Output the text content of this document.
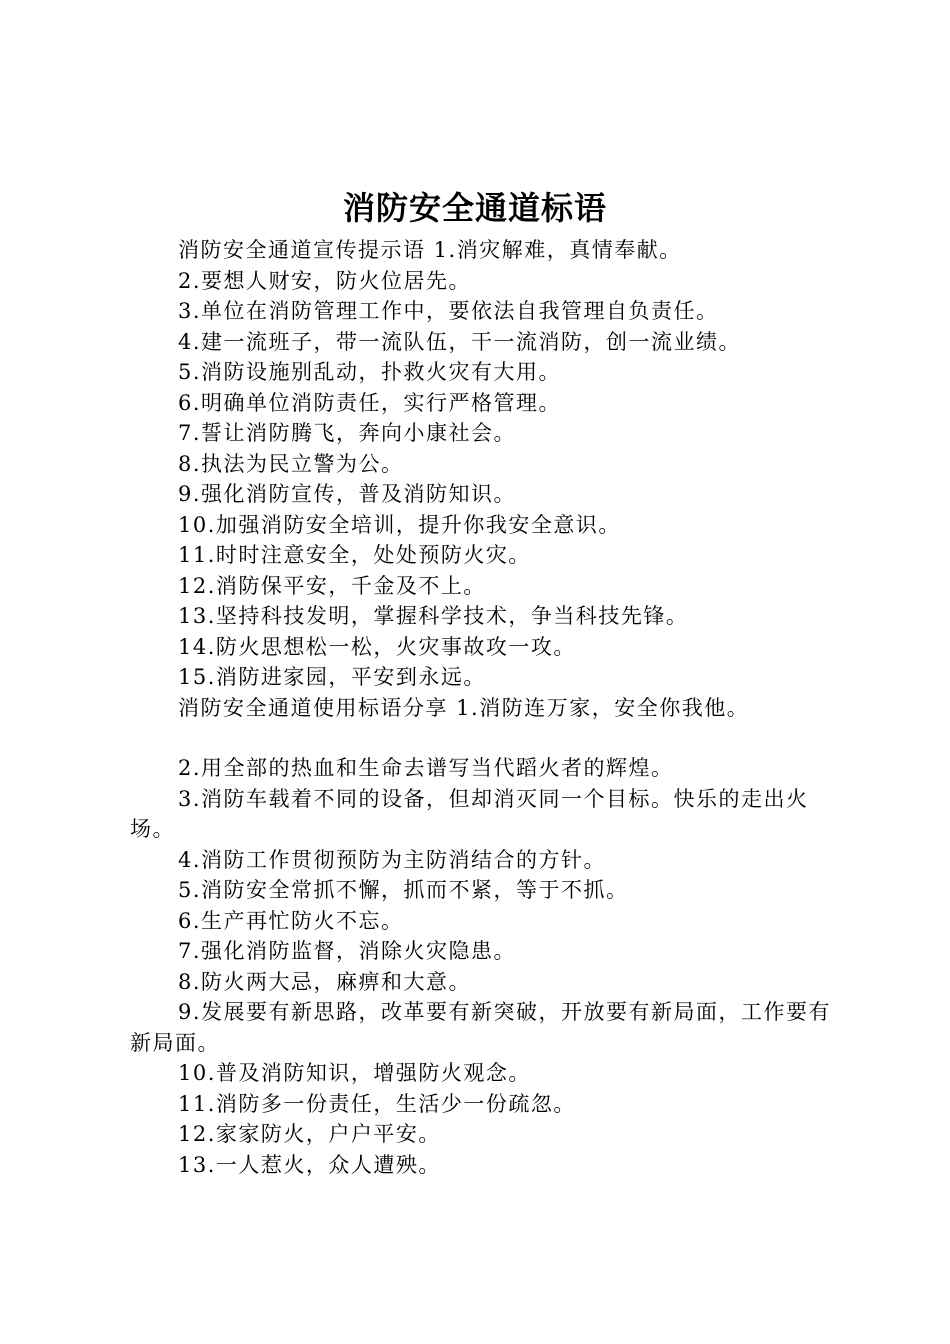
消防安全通道标语

消防安全通道宣传提示语 1.消灾解难，真情奉献。

2.要想人财安，防火位居先。

3.单位在消防管理工作中，要依法自我管理自负责任。

4.建一流班子，带一流队伍，干一流消防，创一流业绩。

5.消防设施别乱动，扑救火灾有大用。

6.明确单位消防责任，实行严格管理。

7.誓让消防腾飞，奔向小康社会。

8.执法为民立警为公。

9.强化消防宣传，普及消防知识。

10.加强消防安全培训，提升你我安全意识。

11.时时注意安全，处处预防火灾。

12.消防保平安，千金及不上。

13.坚持科技发明，掌握科学技术，争当科技先锋。

14.防火思想松一松，火灾事故攻一攻。

15.消防进家园，平安到永远。

消防安全通道使用标语分享 1.消防连万家，安全你我他。

2.用全部的热血和生命去谱写当代蹈火者的辉煌。

3.消防车载着不同的设备，但却消灭同一个目标。快乐的走出火场。

4.消防工作贯彻预防为主防消结合的方针。

5.消防安全常抓不懈，抓而不紧，等于不抓。

6.生产再忙防火不忘。

7.强化消防监督，消除火灾隐患。

8.防火两大忌，麻痹和大意。

9.发展要有新思路，改革要有新突破，开放要有新局面，工作要有新局面。

10.普及消防知识，增强防火观念。

11.消防多一份责任，生活少一份疏忽。

12.家家防火，户户平安。

13.一人惹火，众人遭殃。
